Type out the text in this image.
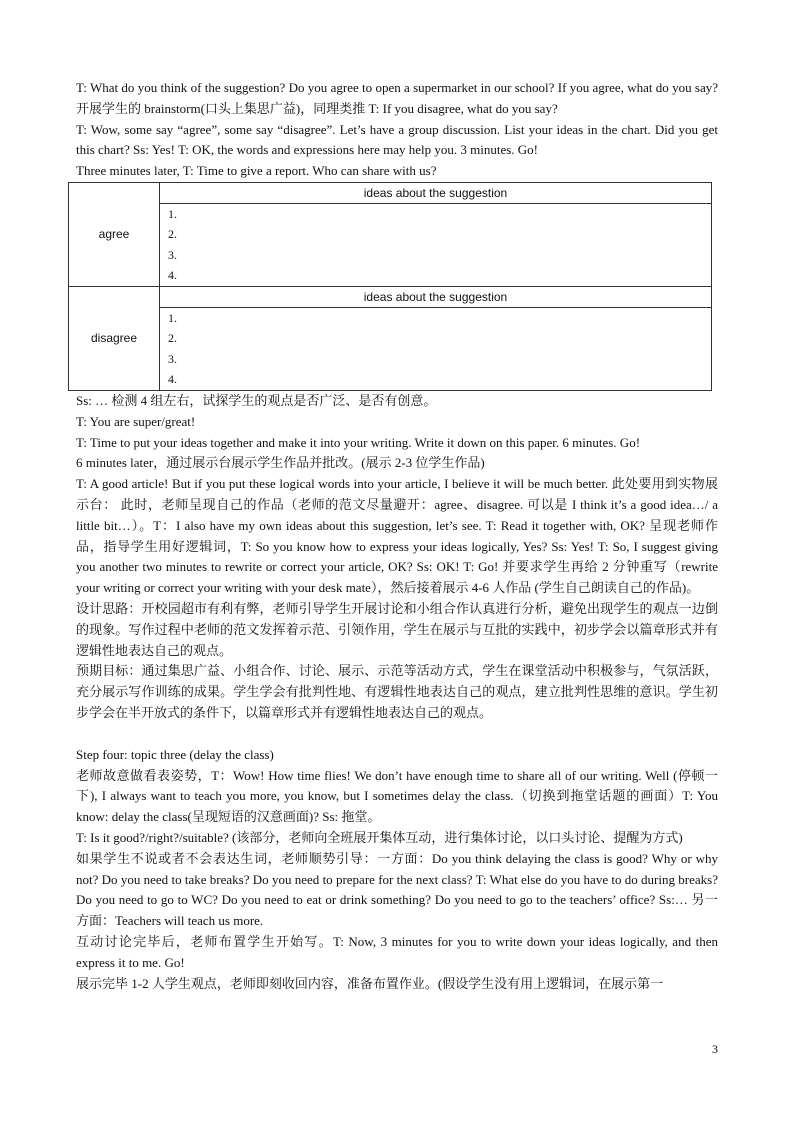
T: What do you think of the suggestion? Do you agree to open a supermarket in our school? If you agree, what do you say? 开展学生的 brainstorm(口头上集思广益)，同理类推 T: If you disagree, what do you say?

T: Wow, some say “agree”, some say “disagree”. Let’s have a group discussion. List your ideas in the chart. Did you get this chart? Ss: Yes! T: OK, the words and expressions here may help you. 3 minutes. Go!

Three minutes later, T: Time to give a report. Who can share with us?

agree	ideas about the suggestion

	1.
2.
3.
4.

disagree	ideas about the suggestion

	1.
2.
3.
4.

Ss: … 检测 4 组左右，试探学生的观点是否广泛、是否有创意。

T: You are super/great!

T: Time to put your ideas together and make it into your writing. Write it down on this paper. 6 minutes. Go!

6 minutes later，通过展示台展示学生作品并批改。(展示 2-3 位学生作品)

T: A good article! But if you put these logical words into your article, I believe it will be much better. 此处要用到实物展示台： 此时，老师呈现自己的作品（老师的范文尽量避开：agree、disagree. 可以是 I think it’s a good idea…/ a little bit…）。T：I also have my own ideas about this suggestion, let’s see. T: Read it together with, OK? 呈现老师作品，指导学生用好逻辑词，T: So you know how to express your ideas logically, Yes? Ss: Yes! T: So, I suggest giving you another two minutes to rewrite or correct your article, OK? Ss: OK! T: Go! 并要求学生再给 2 分钟重写（rewrite your writing or correct your writing with your desk mate），然后接着展示 4-6 人作品 (学生自己朗读自己的作品)。

设计思路：开校园超市有利有弊，老师引导学生开展讨论和小组合作认真进行分析，避免出现学生的观点一边倒的现象。写作过程中老师的范文发挥着示范、引领作用，学生在展示与互批的实践中，初步学会以篇章形式并有逻辑性地表达自己的观点。

预期目标：通过集思广益、小组合作、讨论、展示、示范等活动方式，学生在课堂活动中积极参与，气氛活跃，充分展示写作训练的成果。学生学会有批判性地、有逻辑性地表达自己的观点，建立批判性思维的意识。学生初步学会在半开放式的条件下，以篇章形式并有逻辑性地表达自己的观点。

Step four: topic three (delay the class)

老师故意做看表姿势，T：Wow! How time flies! We don’t have enough time to share all of our writing. Well (停顿一下), I always want to teach you more, you know, but I sometimes delay the class.（切换到拖堂话题的画面）T: You know: delay the class(呈现短语的汉意画面)? Ss: 拖堂。

T: Is it good?/right?/suitable? (该部分，老师向全班展开集体互动，进行集体讨论，以口头讨论、提醒为方式)

如果学生不说或者不会表达生词，老师顺势引导：一方面：Do you think delaying the class is good? Why or why not? Do you need to take breaks? Do you need to prepare for the next class? T: What else do you have to do during breaks? Do you need to go to WC? Do you need to eat or drink something? Do you need to go to the teachers’ office? Ss:… 另一方面：Teachers will teach us more.

互动讨论完毕后，老师布置学生开始写。T: Now, 3 minutes for you to write down your ideas logically, and then express it to me. Go!

展示完毕 1-2 人学生观点，老师即刻收回内容，准备布置作业。(假设学生没有用上逻辑词，在展示第一

3
